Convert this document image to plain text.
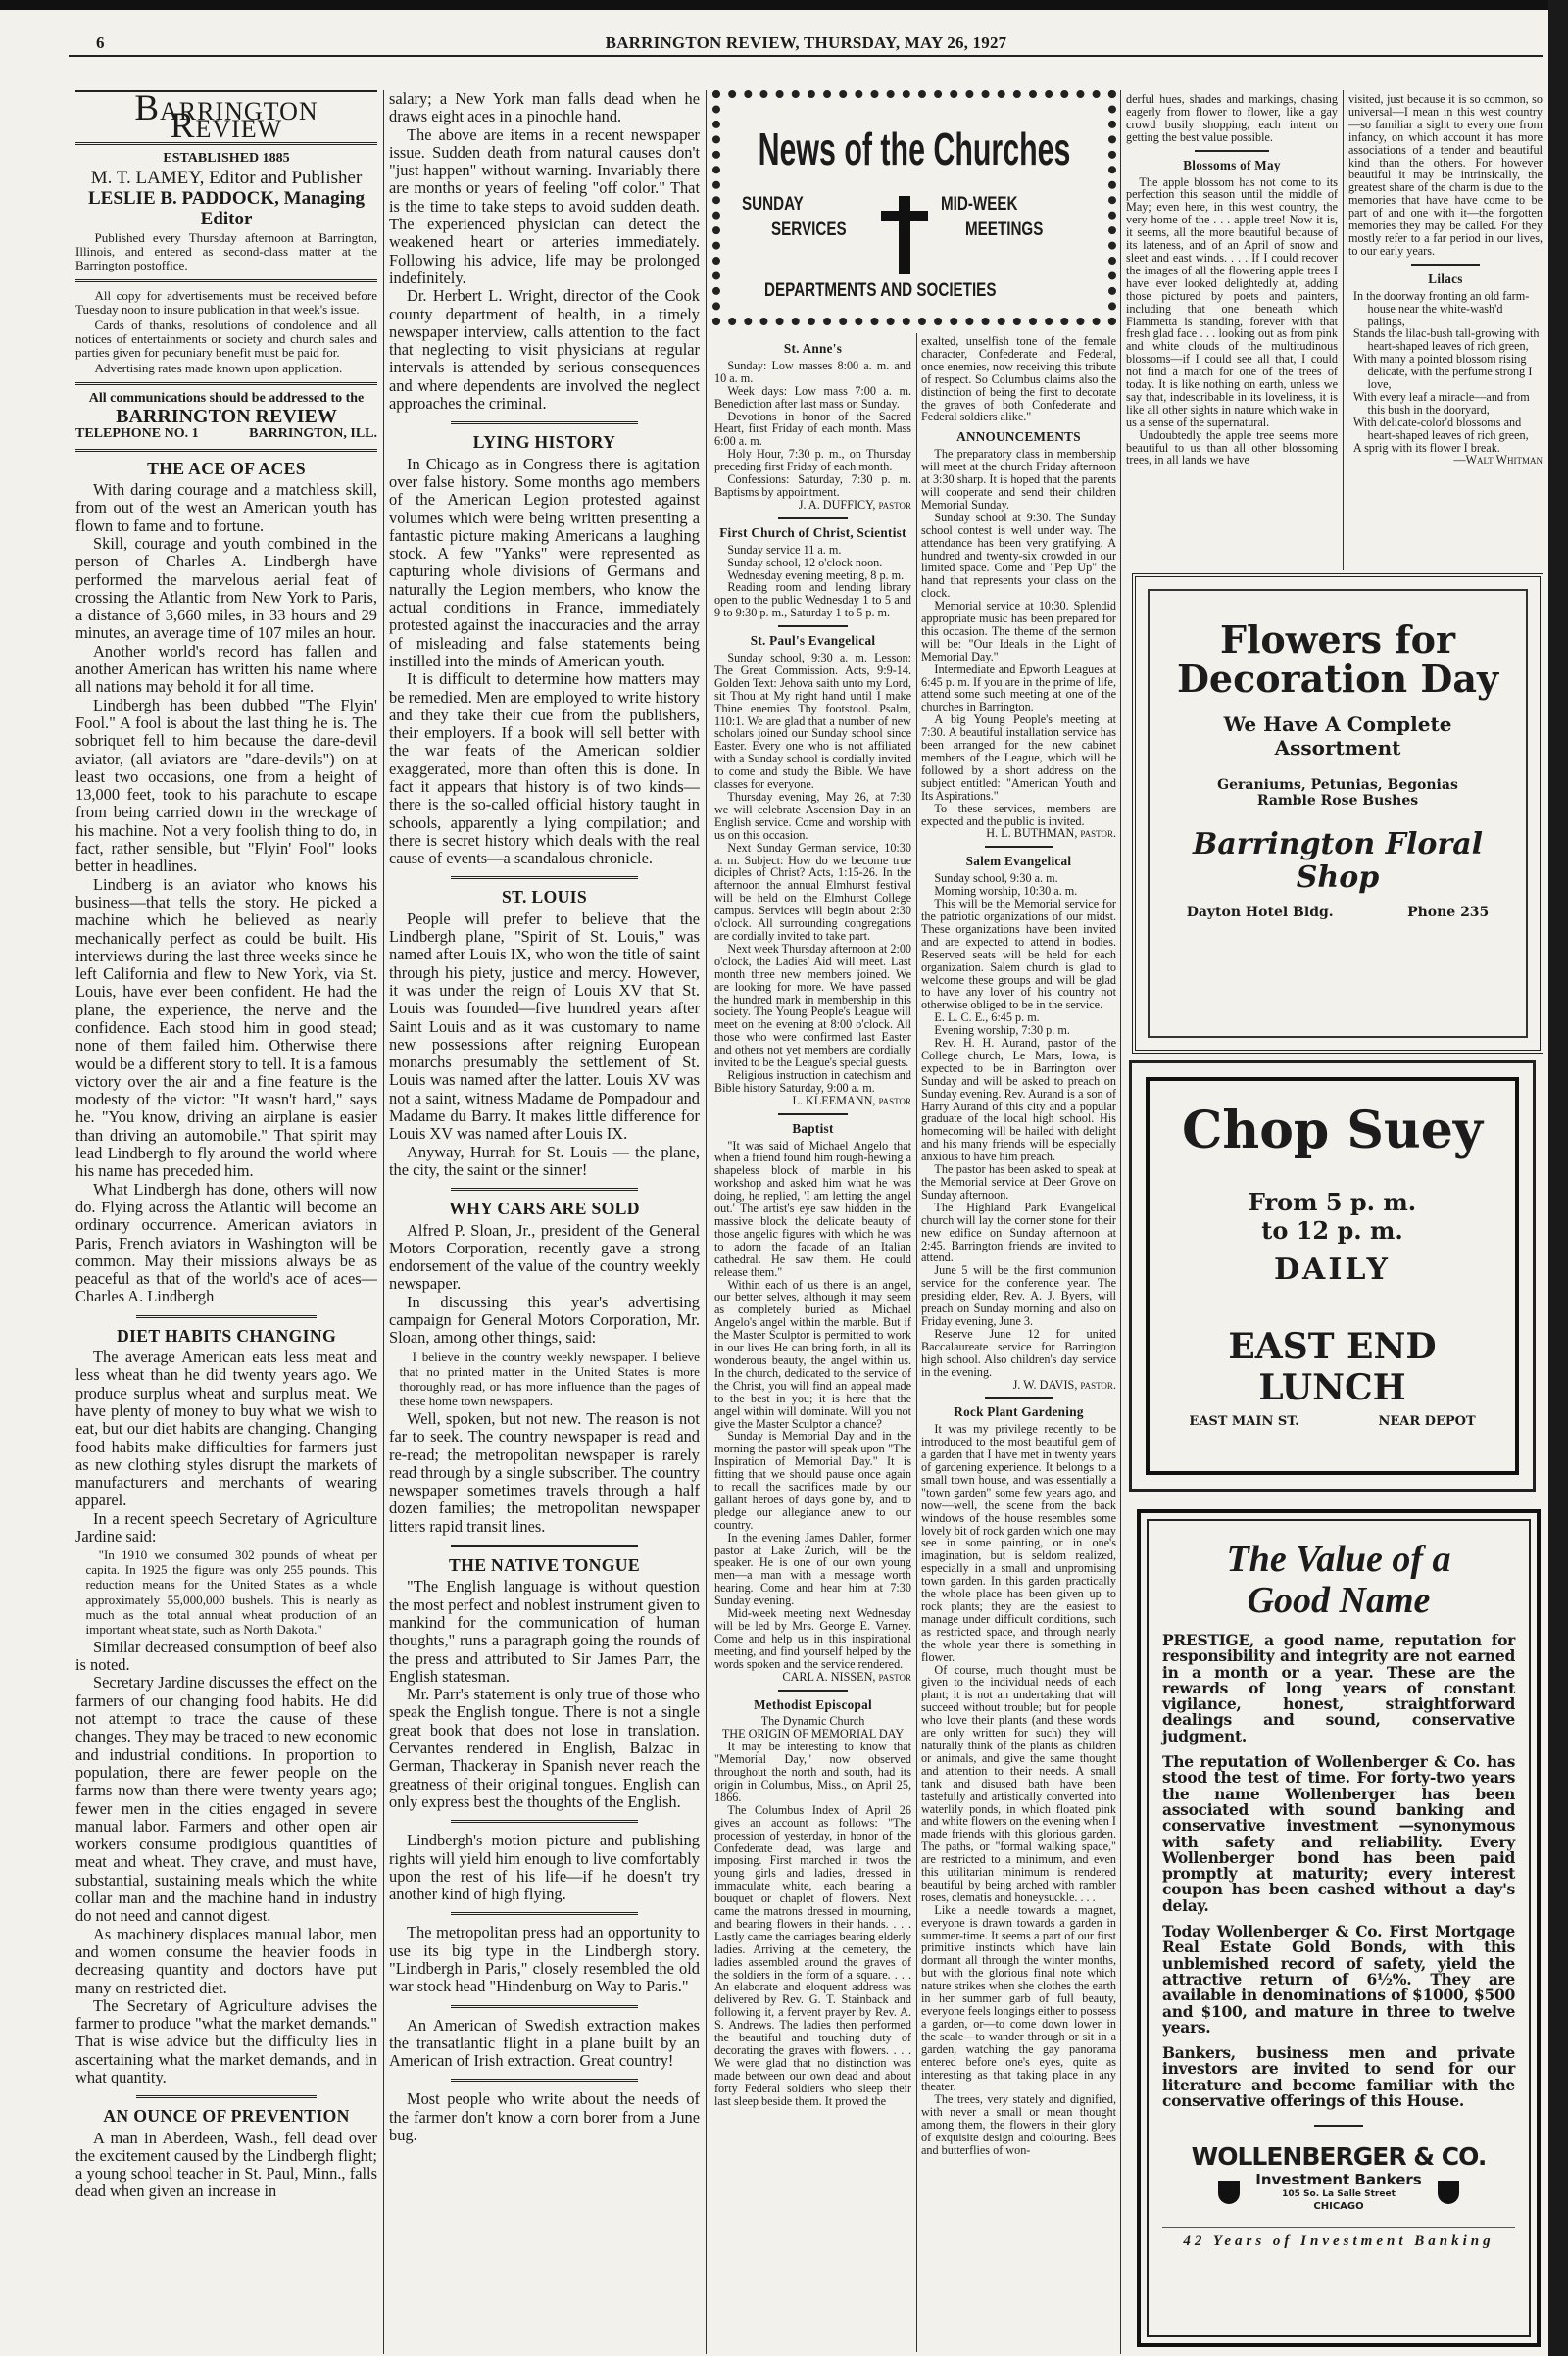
6	BARRINGTON REVIEW, THURSDAY, MAY 26, 1927
Barrington Review
ESTABLISHED 1885
M. T. LAMEY, Editor and Publisher
LESLIE B. PADDOCK, Managing Editor

Published every Thursday afternoon at Barrington, Illinois, and entered as second-class matter at the Barrington postoffice.

All copy for advertisements must be received before Tuesday noon to insure publication in that week's issue.

Cards of thanks, resolutions of condolence and all notices of entertainments or society and church sales and parties given for pecuniary benefit must be paid for.

Advertising rates made known upon application.

All communications should be addressed to the
BARRINGTON REVIEW
TELEPHONE NO. 1	BARRINGTON, ILL.
THE ACE OF ACES

With daring courage and a matchless skill, from out of the west an American youth has flown to fame and to fortune.

Skill, courage and youth combined in the person of Charles A. Lindbergh have performed the marvelous aerial feat of crossing the Atlantic from New York to Paris, a distance of 3,660 miles, in 33 hours and 29 minutes, an average time of 107 miles an hour.

Another world's record has fallen and another American has written his name where all nations may behold it for all time.

Lindbergh has been dubbed "The Flyin' Fool." A fool is about the last thing he is. The sobriquet fell to him because the dare-devil aviator, (all aviators are "dare-devils") on at least two occasions, one from a height of 13,000 feet, took to his parachute to escape from being carried down in the wreckage of his machine. Not a very foolish thing to do, in fact, rather sensible, but "Flyin' Fool" looks better in headlines.

Lindberg is an aviator who knows his business—that tells the story. He picked a machine which he believed as nearly mechanically perfect as could be built. His interviews during the last three weeks since he left California and flew to New York, via St. Louis, have ever been confident. He had the plane, the experience, the nerve and the confidence. Each stood him in good stead; none of them failed him. Otherwise there would be a different story to tell. It is a famous victory over the air and a fine feature is the modesty of the victor: "It wasn't hard," says he. "You know, driving an airplane is easier than driving an automobile." That spirit may lead Lindbergh to fly around the world where his name has preceded him.

What Lindbergh has done, others will now do. Flying across the Atlantic will become an ordinary occurrence. American aviators in Paris, French aviators in Washington will be common. May their missions always be as peaceful as that of the world's ace of aces—Charles A. Lindbergh

DIET HABITS CHANGING

The average American eats less meat and less wheat than he did twenty years ago. We produce surplus wheat and surplus meat. We have plenty of money to buy what we wish to eat, but our diet habits are changing. Changing food habits make difficulties for farmers just as new clothing styles disrupt the markets of manufacturers and merchants of wearing apparel.

In a recent speech Secretary of Agriculture Jardine said:

"In 1910 we consumed 302 pounds of wheat per capita. In 1925 the figure was only 255 pounds. This reduction means for the United States as a whole approximately 55,000,000 bushels. This is nearly as much as the total annual wheat production of an important wheat state, such as North Dakota."

Similar decreased consumption of beef also is noted.

Secretary Jardine discusses the effect on the farmers of our changing food habits. He did not attempt to trace the cause of these changes. They may be traced to new economic and industrial conditions. In proportion to population, there are fewer people on the farms now than there were twenty years ago; fewer men in the cities engaged in severe manual labor. Farmers and other open air workers consume prodigious quantities of meat and wheat. They crave, and must have, substantial, sustaining meals which the white collar man and the machine hand in industry do not need and cannot digest.

As machinery displaces manual labor, men and women consume the heavier foods in decreasing quantity and doctors have put many on restricted diet.

The Secretary of Agriculture advises the farmer to produce "what the market demands." That is wise advice but the difficulty lies in ascertaining what the market demands, and in what quantity.

AN OUNCE OF PREVENTION

A man in Aberdeen, Wash., fell dead over the excitement caused by the Lindbergh flight; a young school teacher in St. Paul, Minn., falls dead when given an increase in

salary; a New York man falls dead when he draws eight aces in a pinochle hand.

The above are items in a recent newspaper issue. Sudden death from natural causes don't "just happen" without warning. Invariably there are months or years of feeling "off color." That is the time to take steps to avoid sudden death. The experienced physician can detect the weakened heart or arteries immediately. Following his advice, life may be prolonged indefinitely.

Dr. Herbert L. Wright, director of the Cook county department of health, in a timely newspaper interview, calls attention to the fact that neglecting to visit physicians at regular intervals is attended by serious consequences and where dependents are involved the neglect approaches the criminal.

LYING HISTORY

In Chicago as in Congress there is agitation over false history. Some months ago members of the American Legion protested against volumes which were being written presenting a fantastic picture making Americans a laughing stock. A few "Yanks" were represented as capturing whole divisions of Germans and naturally the Legion members, who know the actual conditions in France, immediately protested against the inaccuracies and the array of misleading and false statements being instilled into the minds of American youth.

It is difficult to determine how matters may be remedied. Men are employed to write history and they take their cue from the publishers, their employers. If a book will sell better with the war feats of the American soldier exaggerated, more than often this is done. In fact it appears that history is of two kinds—there is the so-called official history taught in schools, apparently a lying compilation; and there is secret history which deals with the real cause of events—a scandalous chronicle.

ST. LOUIS

People will prefer to believe that the Lindbergh plane, "Spirit of St. Louis," was named after Louis IX, who won the title of saint through his piety, justice and mercy. However, it was under the reign of Louis XV that St. Louis was founded—five hundred years after Saint Louis and as it was customary to name new possessions after reigning European monarchs presumably the settlement of St. Louis was named after the latter. Louis XV was not a saint, witness Madame de Pompadour and Madame du Barry. It makes little difference for Louis XV was named after Louis IX.

Anyway, Hurrah for St. Louis — the plane, the city, the saint or the sinner!

WHY CARS ARE SOLD

Alfred P. Sloan, Jr., president of the General Motors Corporation, recently gave a strong endorsement of the value of the country weekly newspaper.

In discussing this year's advertising campaign for General Motors Corporation, Mr. Sloan, among other things, said:

I believe in the country weekly newspaper. I believe that no printed matter in the United States is more thoroughly read, or has more influence than the pages of these home town newspapers.

Well, spoken, but not new. The reason is not far to seek. The country newspaper is read and re-read; the metropolitan newspaper is rarely read through by a single subscriber. The country newspaper sometimes travels through a half dozen families; the metropolitan newspaper litters rapid transit lines.

THE NATIVE TONGUE

"The English language is without question the most perfect and noblest instrument given to mankind for the communication of human thoughts," runs a paragraph going the rounds of the press and attributed to Sir James Parr, the English statesman.

Mr. Parr's statement is only true of those who speak the English tongue. There is not a single great book that does not lose in translation. Cervantes rendered in English, Balzac in German, Thackeray in Spanish never reach the greatness of their original tongues. English can only express best the thoughts of the English.

Lindbergh's motion picture and publishing rights will yield him enough to live comfortably upon the rest of his life—if he doesn't try another kind of high flying.

The metropolitan press had an opportunity to use its big type in the Lindbergh story. "Lindbergh in Paris," closely resembled the old war stock head "Hindenburg on Way to Paris."

An American of Swedish extraction makes the transatlantic flight in a plane built by an American of Irish extraction. Great country!

Most people who write about the needs of the farmer don't know a corn borer from a June bug.

News of the Churches
SUNDAY
SERVICES
MID-WEEK
MEETINGS
DEPARTMENTS AND SOCIETIES
St. Anne's

Sunday: Low masses 8:00 a. m. and 10 a. m.

Week days: Low mass 7:00 a. m. Benediction after last mass on Sunday.

Devotions in honor of the Sacred Heart, first Friday of each month. Mass 6:00 a. m.

Holy Hour, 7:30 p. m., on Thursday preceding first Friday of each month.

Confessions: Saturday, 7:30 p. m. Baptisms by appointment.

J. A. DUFFICY, pastor

First Church of Christ, Scientist

Sunday service 11 a. m.

Sunday school, 12 o'clock noon.

Wednesday evening meeting, 8 p. m.

Reading room and lending library open to the public Wednesday 1 to 5 and 9 to 9:30 p. m., Saturday 1 to 5 p. m.

St. Paul's Evangelical

Sunday school, 9:30 a. m. Lesson: The Great Commission. Acts, 9:9-14. Golden Text: Jehova saith unto my Lord, sit Thou at My right hand until I make Thine enemies Thy footstool. Psalm, 110:1. We are glad that a number of new scholars joined our Sunday school since Easter. Every one who is not affiliated with a Sunday school is cordially invited to come and study the Bible. We have classes for everyone.

Thursday evening, May 26, at 7:30 we will celebrate Ascension Day in an English service. Come and worship with us on this occasion.

Next Sunday German service, 10:30 a. m. Subject: How do we become true diciples of Christ? Acts, 1:15-26. In the afternoon the annual Elmhurst festival will be held on the Elmhurst College campus. Services will begin about 2:30 o'clock. All surrounding congregations are cordially invited to take part.

Next week Thursday afternoon at 2:00 o'clock, the Ladies' Aid will meet. Last month three new members joined. We are looking for more. We have passed the hundred mark in membership in this society. The Young People's League will meet on the evening at 8:00 o'clock. All those who were confirmed last Easter and others not yet members are cordially invited to be the League's special guests.

Religious instruction in catechism and Bible history Saturday, 9:00 a. m.

L. KLEEMANN, pastor

Baptist

"It was said of Michael Angelo that when a friend found him rough-hewing a shapeless block of marble in his workshop and asked him what he was doing, he replied, 'I am letting the angel out.' The artist's eye saw hidden in the massive block the delicate beauty of those angelic figures with which he was to adorn the facade of an Italian cathedral. He saw them. He could release them."

Within each of us there is an angel, our better selves, although it may seem as completely buried as Michael Angelo's angel within the marble. But if the Master Sculptor is permitted to work in our lives He can bring forth, in all its wonderous beauty, the angel within us. In the church, dedicated to the service of the Christ, you will find an appeal made to the best in you; it is here that the angel within will dominate. Will you not give the Master Sculptor a chance?

Sunday is Memorial Day and in the morning the pastor will speak upon "The Inspiration of Memorial Day." It is fitting that we should pause once again to recall the sacrifices made by our gallant heroes of days gone by, and to pledge our allegiance anew to our country.

In the evening James Dahler, former pastor at Lake Zurich, will be the speaker. He is one of our own young men—a man with a message worth hearing. Come and hear him at 7:30 Sunday evening.

Mid-week meeting next Wednesday will be led by Mrs. George E. Varney. Come and help us in this inspirational meeting, and find yourself helped by the words spoken and the service rendered.

CARL A. NISSEN, pastor

Methodist Episcopal

The Dynamic Church

THE ORIGIN OF MEMORIAL DAY

It may be interesting to know that "Memorial Day," now observed throughout the north and south, had its origin in Columbus, Miss., on April 25, 1866.

The Columbus Index of April 26 gives an account as follows: "The procession of yesterday, in honor of the Confederate dead, was large and imposing. First marched in twos the young girls and ladies, dressed in immaculate white, each bearing a bouquet or chaplet of flowers. Next came the matrons dressed in mourning, and bearing flowers in their hands. . . . Lastly came the carriages bearing elderly ladies. Arriving at the cemetery, the ladies assembled around the graves of the soldiers in the form of a square. . . . An elaborate and eloquent address was delivered by Rev. G. T. Stainback and following it, a fervent prayer by Rev. A. S. Andrews. The ladies then performed the beautiful and touching duty of decorating the graves with flowers. . . . We were glad that no distinction was made between our own dead and about forty Federal soldiers who sleep their last sleep beside them. It proved the

exalted, unselfish tone of the female character, Confederate and Federal, once enemies, now receiving this tribute of respect. So Columbus claims also the distinction of being the first to decorate the graves of both Confederate and Federal soldiers alike."

ANNOUNCEMENTS

The preparatory class in membership will meet at the church Friday afternoon at 3:30 sharp. It is hoped that the parents will cooperate and send their children Memorial Sunday.

Sunday school at 9:30. The Sunday school contest is well under way. The attendance has been very gratifying. A hundred and twenty-six crowded in our limited space. Come and "Pep Up" the hand that represents your class on the clock.

Memorial service at 10:30. Splendid appropriate music has been prepared for this occasion. The theme of the sermon will be: "Our Ideals in the Light of Memorial Day."

Intermediate and Epworth Leagues at 6:45 p. m. If you are in the prime of life, attend some such meeting at one of the churches in Barrington.

A big Young People's meeting at 7:30. A beautiful installation service has been arranged for the new cabinet members of the League, which will be followed by a short address on the subject entitled: "American Youth and Its Aspirations."

To these services, members are expected and the public is invited.

H. L. BUTHMAN, pastor.

Salem Evangelical

Sunday school, 9:30 a. m.

Morning worship, 10:30 a. m.

This will be the Memorial service for the patriotic organizations of our midst. These organizations have been invited and are expected to attend in bodies. Reserved seats will be held for each organization. Salem church is glad to welcome these groups and will be glad to have any lover of his country not otherwise obliged to be in the service.

E. L. C. E., 6:45 p. m.

Evening worship, 7:30 p. m.

Rev. H. H. Aurand, pastor of the College church, Le Mars, Iowa, is expected to be in Barrington over Sunday and will be asked to preach on Sunday evening. Rev. Aurand is a son of Harry Aurand of this city and a popular graduate of the local high school. His homecoming will be hailed with delight and his many friends will be especially anxious to have him preach.

The pastor has been asked to speak at the Memorial service at Deer Grove on Sunday afternoon.

The Highland Park Evangelical church will lay the corner stone for their new edifice on Sunday afternoon at 2:45. Barrington friends are invited to attend.

June 5 will be the first communion service for the conference year. The presiding elder, Rev. A. J. Byers, will preach on Sunday morning and also on Friday evening, June 3.

Reserve June 12 for united Baccalaureate service for Barrington high school. Also children's day service in the evening.

J. W. DAVIS, pastor.

Rock Plant Gardening

It was my privilege recently to be introduced to the most beautiful gem of a garden that I have met in twenty years of gardening experience. It belongs to a small town house, and was essentially a "town garden" some few years ago, and now—well, the scene from the back windows of the house resembles some lovely bit of rock garden which one may see in some painting, or in one's imagination, but is seldom realized, especially in a small and unpromising town garden. In this garden practically the whole place has been given up to rock plants; they are the easiest to manage under difficult conditions, such as restricted space, and through nearly the whole year there is something in flower.

Of course, much thought must be given to the individual needs of each plant; it is not an undertaking that will succeed without trouble; but for people who love their plants (and these words are only written for such) they will naturally think of the plants as children or animals, and give the same thought and attention to their needs. A small tank and disused bath have been tastefully and artistically converted into waterlily ponds, in which floated pink and white flowers on the evening when I made friends with this glorious garden. The paths, or "formal walking space," are restricted to a minimum, and even this utilitarian minimum is rendered beautiful by being arched with rambler roses, clematis and honeysuckle. . . .

Like a needle towards a magnet, everyone is drawn towards a garden in summer-time. It seems a part of our first primitive instincts which have lain dormant all through the winter months, but with the glorious final note which nature strikes when she clothes the earth in her summer garb of full beauty, everyone feels longings either to possess a garden, or—to come down lower in the scale—to wander through or sit in a garden, watching the gay panorama entered before one's eyes, quite as interesting as that taking place in any theater.

The trees, very stately and dignified, with never a small or mean thought among them, the flowers in their glory of exquisite design and colouring. Bees and butterflies of won-

derful hues, shades and markings, chasing eagerly from flower to flower, like a gay crowd busily shopping, each intent on getting the best value possible.

Blossoms of May

The apple blossom has not come to its perfection this season until the middle of May; even here, in this west country, the very home of the . . . apple tree! Now it is, it seems, all the more beautiful because of its lateness, and of an April of snow and sleet and east winds. . . . If I could recover the images of all the flowering apple trees I have ever looked delightedly at, adding those pictured by poets and painters, including that one beneath which Fiammetta is standing, forever with that fresh glad face . . . looking out as from pink and white clouds of the multitudinous blossoms—if I could see all that, I could not find a match for one of the trees of today. It is like nothing on earth, unless we say that, indescribable in its loveliness, it is like all other sights in nature which wake in us a sense of the supernatural.

Undoubtedly the apple tree seems more beautiful to us than all other blossoming trees, in all lands we have

visited, just because it is so common, so universal—I mean in this west country—so familiar a sight to every one from infancy, on which account it has more associations of a tender and beautiful kind than the others. For however beautiful it may be intrinsically, the greatest share of the charm is due to the memories that have have come to be part of and one with it—the forgotten memories they may be called. For they mostly refer to a far period in our lives, to our early years.

Lilacs

In the doorway fronting an old farm-house near the white-wash'd palings,

Stands the lilac-bush tall-growing with heart-shaped leaves of rich green,

With many a pointed blossom rising delicate, with the perfume strong I love,

With every leaf a miracle—and from this bush in the dooryard,

With delicate-color'd blossoms and heart-shaped leaves of rich green,

A sprig with its flower I break.

—Walt Whitman

Flowers for
Decoration Day
We Have A Complete
Assortment
Geraniums, Petunias, Begonias
Ramble Rose Bushes
Barrington Floral
Shop
Dayton Hotel Bldg.	Phone 235
Chop Suey
From 5 p. m.
to 12 p. m.
DAILY
EAST END
LUNCH
EAST MAIN ST.	NEAR DEPOT
The Value of a
Good Name

PRESTIGE, a good name, reputation for responsibility and integrity are not earned in a month or a year. These are the rewards of long years of constant vigilance, honest, straightforward dealings and sound, conservative judgment.

The reputation of Wollenberger & Co. has stood the test of time. For forty-two years the name Wollenberger has been associated with sound banking and conservative investment —synonymous with safety and reliability. Every Wollenberger bond has been paid promptly at maturity; every interest coupon has been cashed without a day's delay.

Today Wollenberger & Co. First Mortgage Real Estate Gold Bonds, with this unblemished record of safety, yield the attractive return of 6½%. They are available in denominations of $1000, $500 and $100, and mature in three to twelve years.

Bankers, business men and private investors are invited to send for our literature and become familiar with the conservative offerings of this House.

WOLLENBERGER & CO.
Investment Bankers
105 So. La Salle Street
CHICAGO
42 Years of Investment Banking
